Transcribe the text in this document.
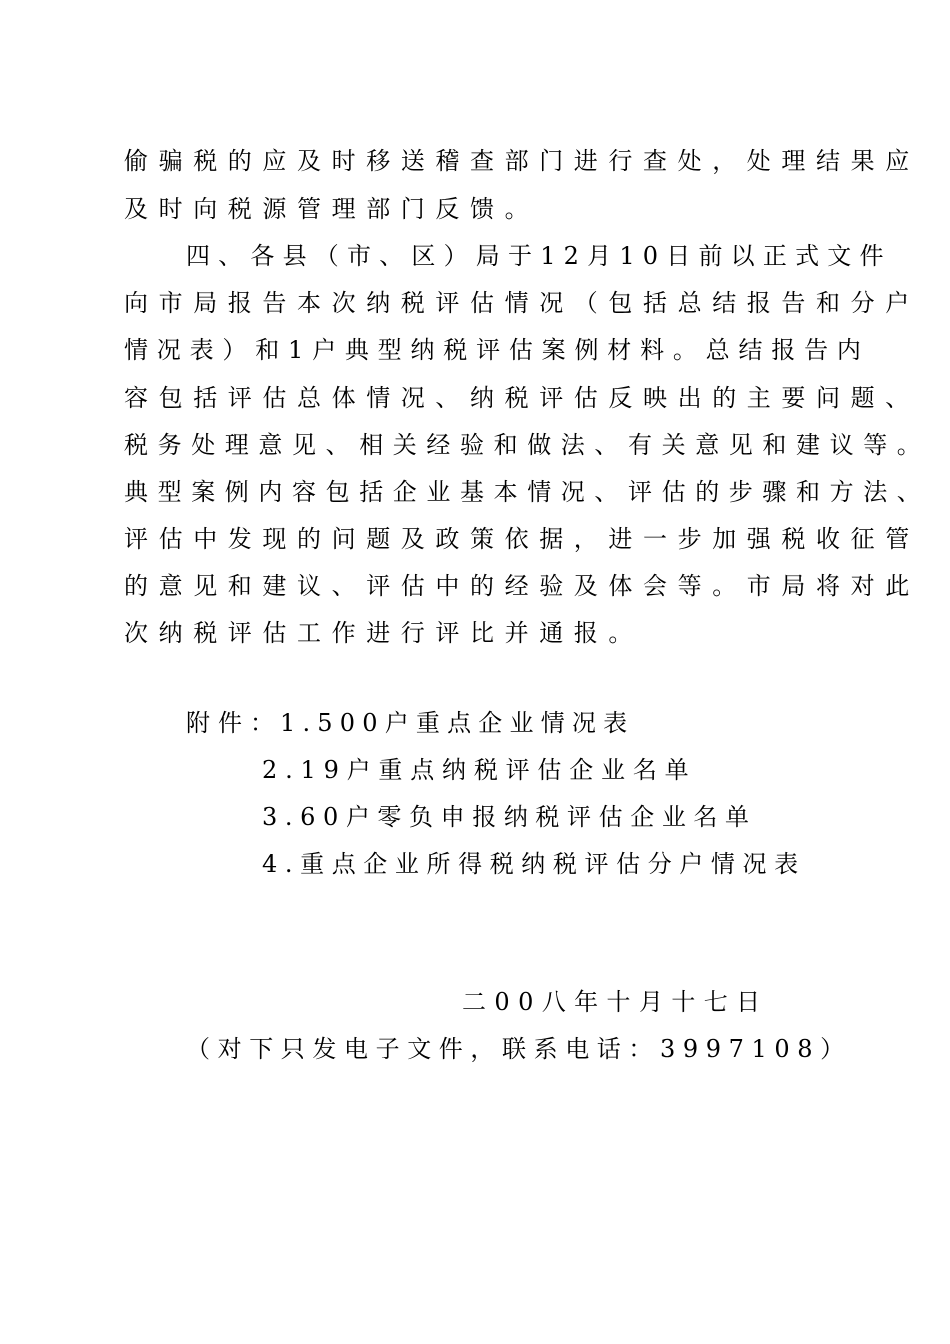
偷骗税的应及时移送稽查部门进行查处，处理结果应
及时向税源管理部门反馈。
四、各县（市、区）局于12月10日前以正式文件
向市局报告本次纳税评估情况（包括总结报告和分户
情况表）和1户典型纳税评估案例材料。总结报告内
容包括评估总体情况、纳税评估反映出的主要问题、
税务处理意见、相关经验和做法、有关意见和建议等。
典型案例内容包括企业基本情况、评估的步骤和方法、
评估中发现的问题及政策依据，进一步加强税收征管
的意见和建议、评估中的经验及体会等。市局将对此
次纳税评估工作进行评比并通报。
附件：
1.500户重点企业情况表
2.19户重点纳税评估企业名单
3.60户零负申报纳税评估企业名单
4.重点企业所得税纳税评估分户情况表
二00八年十月十七日
（对下只发电子文件，联系电话：3997108）
